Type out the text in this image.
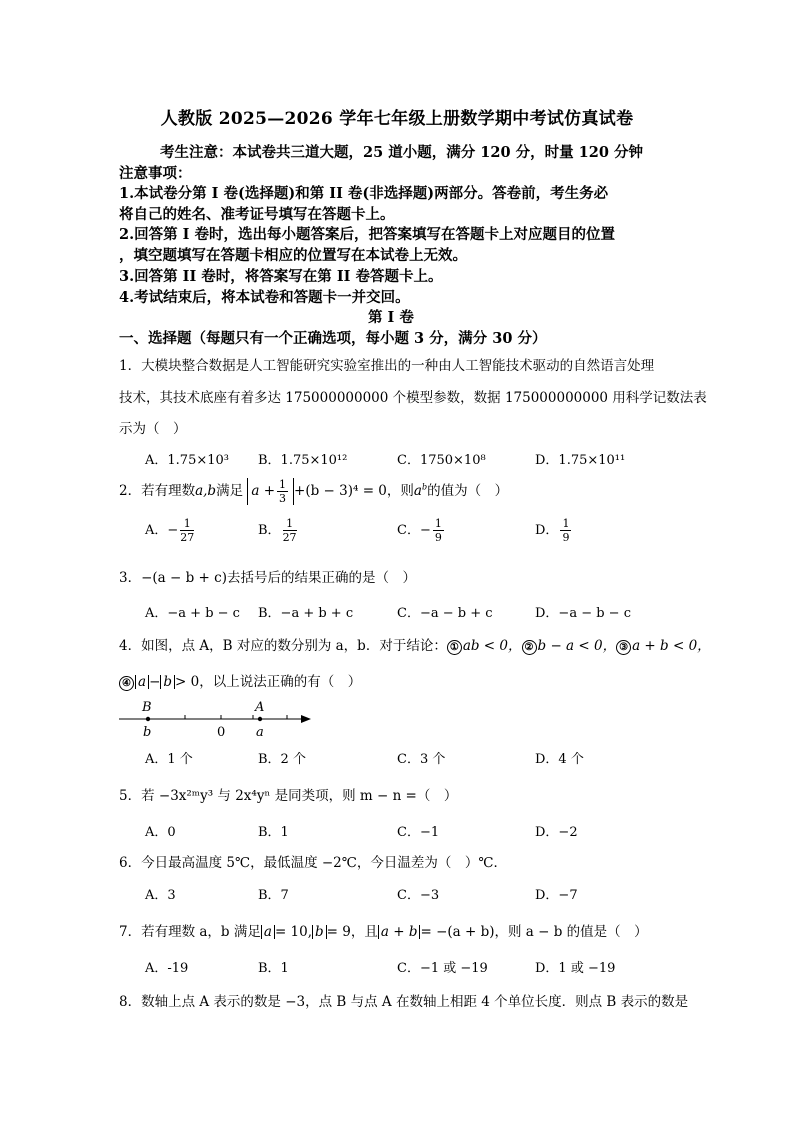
人教版 2025—2026 学年七年级上册数学期中考试仿真试卷
考生注意：本试卷共三道大题，25 道小题，满分 120 分，时量 120 分钟
注意事项：
1.本试卷分第 I 卷(选择题)和第 II 卷(非选择题)两部分。答卷前，考生务必
将自己的姓名、准考证号填写在答题卡上。
2.回答第 I 卷时，选出每小题答案后，把答案填写在答题卡上对应题目的位置
，填空题填写在答题卡相应的位置写在本试卷上无效。
3.回答第 II 卷时，将答案写在第 II 卷答题卡上。
4.考试结束后，将本试卷和答题卡一并交回。
第 I 卷
一、选择题（每题只有一个正确选项，每小题 3 分，满分 30 分）
1．大模块整合数据是人工智能研究实验室推出的一种由人工智能技术驱动的自然语言处理
技术，其技术底座有着多达 175000000000 个模型参数，数据 175000000000 用科学记数法表
示为（　）
A．1.75×10³ B．1.75×10¹²	C．1750×10⁸	D．1.75×10¹¹
2．若有理数a,b满足 $a + \frac{1}{3} +(b - 3)^4 = 0$，则$a^b$的值为（　）
A．− $\frac{1}{27}$	B． $\frac{1}{27}$	C．− $\frac{1}{9}$	D． $\frac{1}{9}$
3．−(a − b + c)去括号后的结果正确的是（　）
A．−a + b − c B．−a + b + c	C．−a − b + c	D．−a − b − c
4．如图，点 A，B 对应的数分别为 a，b．对于结论： ① ab < 0， ② b − a < 0， ③ a + b < 0，
④ a − b > 0，以上说法正确的有（　）
B	A
b	0 a
A．1 个	B．2 个	C．3 个	D．4 个
5．若 −3x²ᵐy³ 与 2x⁴yⁿ 是同类项，则 m − n =（　）
A．0	B．1	C．−1	D．−2
6．今日最高温度 5℃，最低温度 −2℃，今日温差为（　）℃．
A．3	B．7	C．−3	D．−7
7．若有理数 a，b 满足 a = 10, b = 9，且 a + b = −(a + b)，则 a − b 的值是（　）
A．-19	B．1	C．−1 或 −19	D．1 或 −19
8．数轴上点 A 表示的数是 −3，点 B 与点 A 在数轴上相距 4 个单位长度．则点 B 表示的数是
